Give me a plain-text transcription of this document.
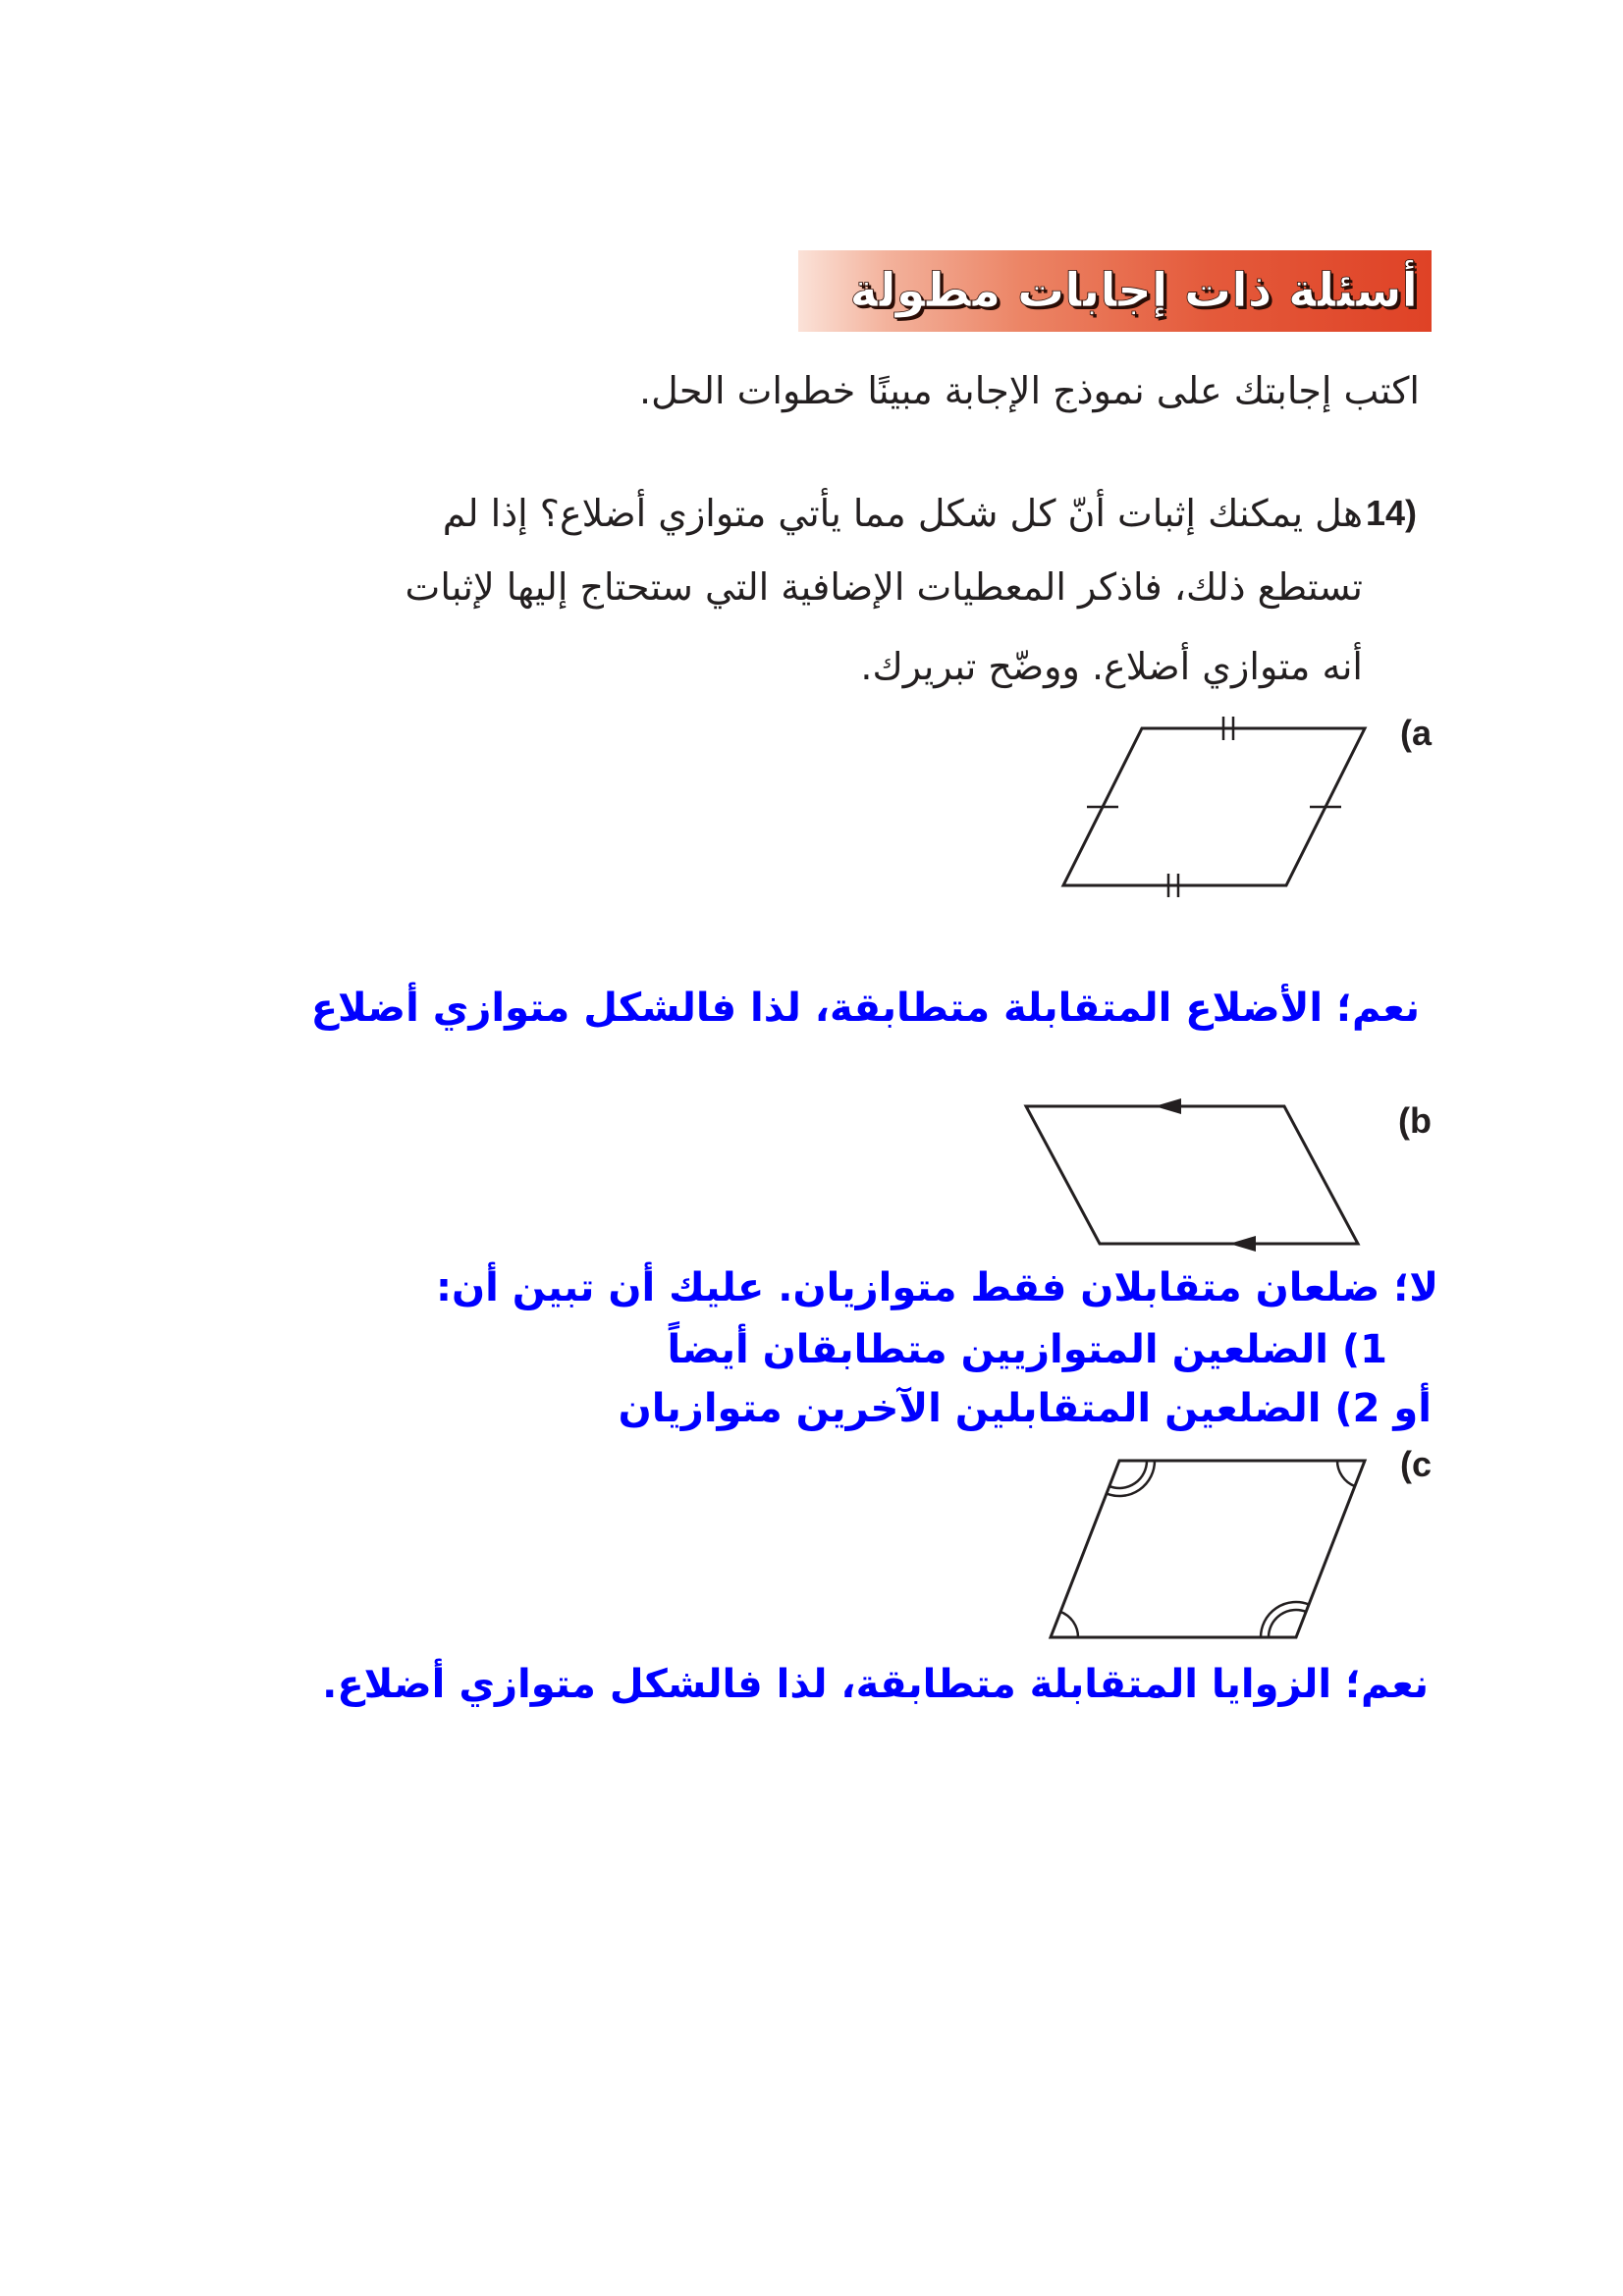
أسئلة ذات إجابات مطولة
اكتب إجابتك على نموذج الإجابة مبينًا خطوات الحل.
14)
هل يمكنك إثبات أنّ كل شكل مما يأتي متوازي أضلاع؟ إذا لم
تستطع ذلك، فاذكر المعطيات الإضافية التي ستحتاج إليها لإثبات
أنه متوازي أضلاع. ووضّح تبريرك.
(a
نعم؛ الأضلاع المتقابلة متطابقة، لذا فالشكل متوازي أضلاع
(b
لا؛ ضلعان متقابلان فقط متوازيان. عليك أن تبين أن:
1) الضلعين المتوازيين متطابقان أيضاً
أو 2) الضلعين المتقابلين الآخرين متوازيان
(c
نعم؛ الزوايا المتقابلة متطابقة، لذا فالشكل متوازي أضلاع.
